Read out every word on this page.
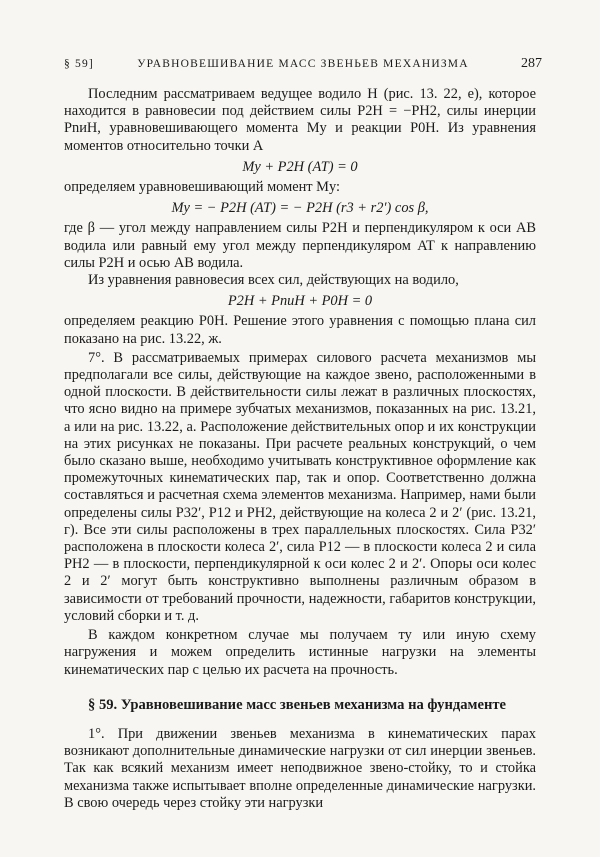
§ 59]	УРАВНОВЕШИВАНИЕ МАСС ЗВЕНЬЕВ МЕХАНИЗМА	287

Последним рассматриваем ведущее водило H (рис. 13. 22, е), которое находится в равновесии под действием силы P2H = −PH2, силы инерции PnиH, уравновешивающего момента Mу и реакции P0H. Из уравнения моментов относительно точки A

Mу + P2H (AT) = 0

определяем уравновешивающий момент Mу:

Mу = − P2H (AT) = − P2H (r3 + r2′) cos β,

где β — угол между направлением силы P2H и перпендикуляром к оси AB водила или равный ему угол между перпендикуляром AT к направлению силы P2H и осью AB водила.

Из уравнения равновесия всех сил, действующих на водило,

P2H + PnиH + P0H = 0

определяем реакцию P0H. Решение этого уравнения с помощью плана сил показано на рис. 13.22, ж.

7°. В рассматриваемых примерах силового расчета механизмов мы предполагали все силы, действующие на каждое звено, расположенными в одной плоскости. В действительности силы лежат в различных плоскостях, что ясно видно на примере зубчатых механизмов, показанных на рис. 13.21, а или на рис. 13.22, а. Расположение действительных опор и их конструкции на этих рисунках не показаны. При расчете реальных конструкций, о чем было сказано выше, необходимо учитывать конструктивное оформление как промежуточных кинематических пар, так и опор. Соответственно должна составляться и расчетная схема элементов механизма. Например, нами были определены силы P32′, P12 и PH2, действующие на колеса 2 и 2′ (рис. 13.21, г). Все эти силы расположены в трех параллельных плоскостях. Сила P32′ расположена в плоскости колеса 2′, сила P12 — в плоскости колеса 2 и сила PH2 — в плоскости, перпендикулярной к оси колес 2 и 2′. Опоры оси колес 2 и 2′ могут быть конструктивно выполнены различным образом в зависимости от требований прочности, надежности, габаритов конструкции, условий сборки и т. д.

В каждом конкретном случае мы получаем ту или иную схему нагружения и можем определить истинные нагрузки на элементы кинематических пар с целью их расчета на прочность.

§ 59. Уравновешивание масс звеньев механизма на фундаменте

1°. При движении звеньев механизма в кинематических парах возникают дополнительные динамические нагрузки от сил инерции звеньев. Так как всякий механизм имеет неподвижное звено-стойку, то и стойка механизма также испытывает вполне определенные динамические нагрузки. В свою очередь через стойку эти нагрузки
